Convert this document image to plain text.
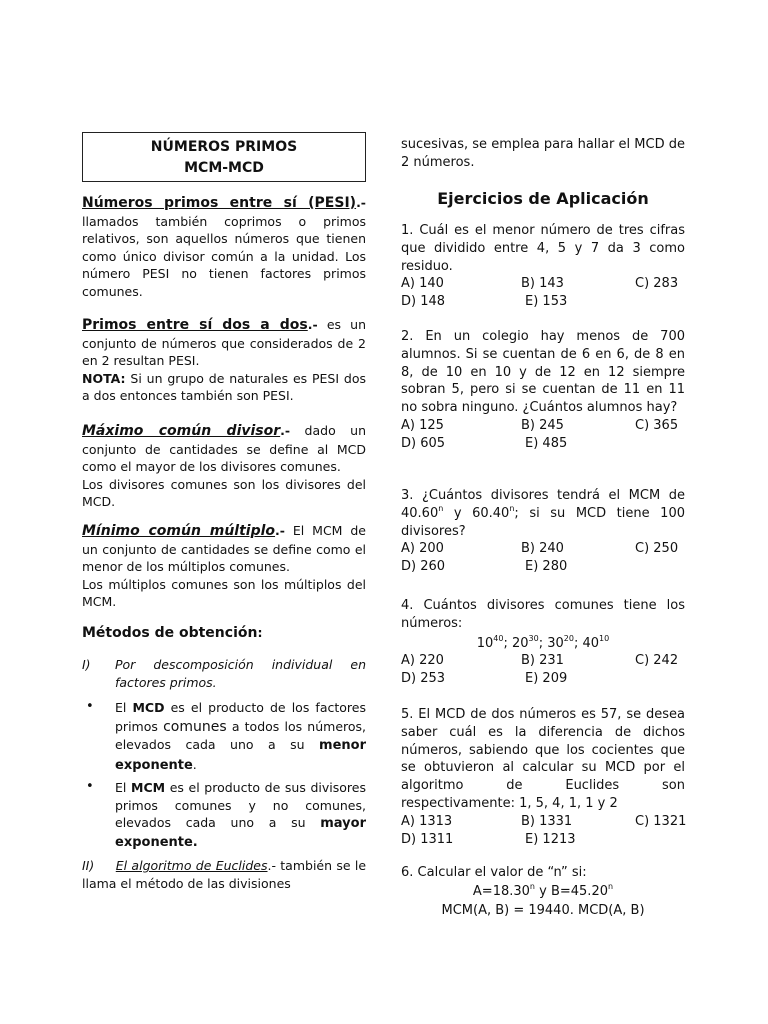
NÚMEROS PRIMOS
MCM-MCD
Números primos entre sí (PESI).- llamados también coprimos o primos relativos, son aquellos números que tienen como único divisor común a la unidad. Los número PESI no tienen factores primos comunes.
Primos entre sí dos a dos.- es un conjunto de números que considerados de 2 en 2 resultan PESI.
NOTA: Si un grupo de naturales es PESI dos a dos entonces también son PESI.
Máximo común divisor.- dado un conjunto de cantidades se define al MCD como el mayor de los divisores comunes.
Los divisores comunes son los divisores del MCD.
Mínimo común múltiplo.- El MCM de un conjunto de cantidades se define como el menor de los múltiplos comunes.
Los múltiplos comunes son los múltiplos del MCM.
Métodos de obtención:
I)	Por descomposición individual en factores primos.
• El MCD es el producto de los factores primos comunes a todos los números, elevados cada uno a su menor exponente.
• El MCM es el producto de sus divisores primos comunes y no comunes, elevados cada uno a su mayor exponente.
II) El algoritmo de Euclides.- también se le llama el método de las divisiones
sucesivas, se emplea para hallar el MCD de 2 números.
Ejercicios de Aplicación
1. Cuál es el menor número de tres cifras que dividido entre 4, 5 y 7 da 3 como residuo.
A) 140	B) 143	C) 283
D) 148	E) 153
2. En un colegio hay menos de 700 alumnos. Si se cuentan de 6 en 6, de 8 en 8, de 10 en 10 y de 12 en 12 siempre sobran 5, pero si se cuentan de 11 en 11 no sobra ninguno. ¿Cuántos alumnos hay?
A) 125	B) 245	C) 365
D) 605	E) 485
3. ¿Cuántos divisores tendrá el MCM de 40.60$^n$ y 60.40$^n$; si su MCD tiene 100 divisores?
A) 200	B) 240	C) 250
D) 260	E) 280
4. Cuántos divisores comunes tiene los números:
$10^{40}$; $20^{30}$; $30^{20}$; $40^{10}$
A) 220	B) 231	C) 242
D) 253	E) 209
5. El MCD de dos números es 57, se desea saber cuál es la diferencia de dichos números, sabiendo que los cocientes que se obtuvieron al calcular su MCD por el algoritmo de Euclides son respectivamente: 1, 5, 4, 1, 1 y 2
A) 1313	B) 1331	C) 1321
D) 1311	E) 1213
6. Calcular el valor de “n” si:
$A=18.30^n$ y $B=45.20^n$
MCM(A, B) = 19440. MCD(A, B)
